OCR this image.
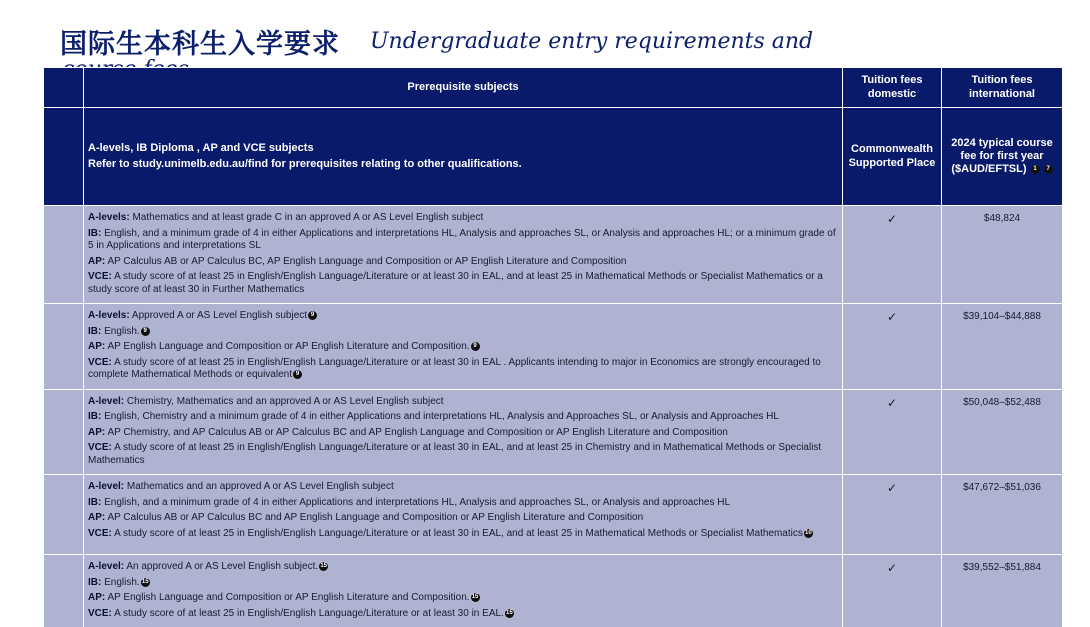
国际生本科生入学要求 Undergraduate entry requirements and
	Prerequisite subjects	Tuition fees domestic	Tuition fees international

	A-levels, IB Diploma , AP and VCE subjects
Refer to study.unimelb.edu.au/find for prerequisites relating to other qualifications.	Commonwealth Supported Place	2024 typical course fee for first year ($AUD/EFTSL) 1 7

	A-levels: Mathematics and at least grade C in an approved A or AS Level English subject

IB: English, and a minimum grade of 4 in either Applications and interpretations HL, Analysis and approaches SL, or Analysis and approaches HL; or a minimum grade of 5 in Applications and interpretations SL

AP: AP Calculus AB or AP Calculus BC, AP English Language and Composition or AP English Literature and Composition

VCE: A study score of at least 25 in English/English Language/Literature or at least 30 in EAL, and at least 25 in Mathematical Methods or Specialist Mathematics or a study score of at least 30 in Further Mathematics	✓	$48,824

	A-levels: Approved A or AS Level English subject 9

IB: English. 9

AP: AP English Language and Composition or AP English Literature and Composition. 9

VCE: A study score of at least 25 in English/English Language/Literature or at least 30 in EAL . Applicants intending to major in Economics are strongly encouraged to complete Mathematical Methods or equivalent 9	✓	$39,104–$44,888

	A-level: Chemistry, Mathematics and an approved A or AS Level English subject

IB: English, Chemistry and a minimum grade of 4 in either Applications and interpretations HL, Analysis and Approaches SL, or Analysis and Approaches HL

AP: AP Chemistry, and AP Calculus AB or AP Calculus BC and AP English Language and Composition or AP English Literature and Composition

VCE: A study score of at least 25 in English/English Language/Literature or at least 30 in EAL, and at least 25 in Chemistry and in Mathematical Methods or Specialist Mathematics	✓	$50,048–$52,488

	A-level: Mathematics and an approved A or AS Level English subject

IB: English, and a minimum grade of 4 in either Applications and interpretations HL, Analysis and approaches SL, or Analysis and approaches HL

AP: AP Calculus AB or AP Calculus BC and AP English Language and Composition or AP English Literature and Composition

VCE: A study score of at least 25 in English/English Language/Literature or at least 30 in EAL, and at least 25 in Mathematical Methods or Specialist Mathematics 10	✓	$47,672–$51,036

	A-level: An approved A or AS Level English subject. 15

IB: English. 15

AP: AP English Language and Composition or AP English Literature and Composition. 15

VCE: A study score of at least 25 in English/English Language/Literature or at least 30 in EAL. 15	✓	$39,552–$51,884
